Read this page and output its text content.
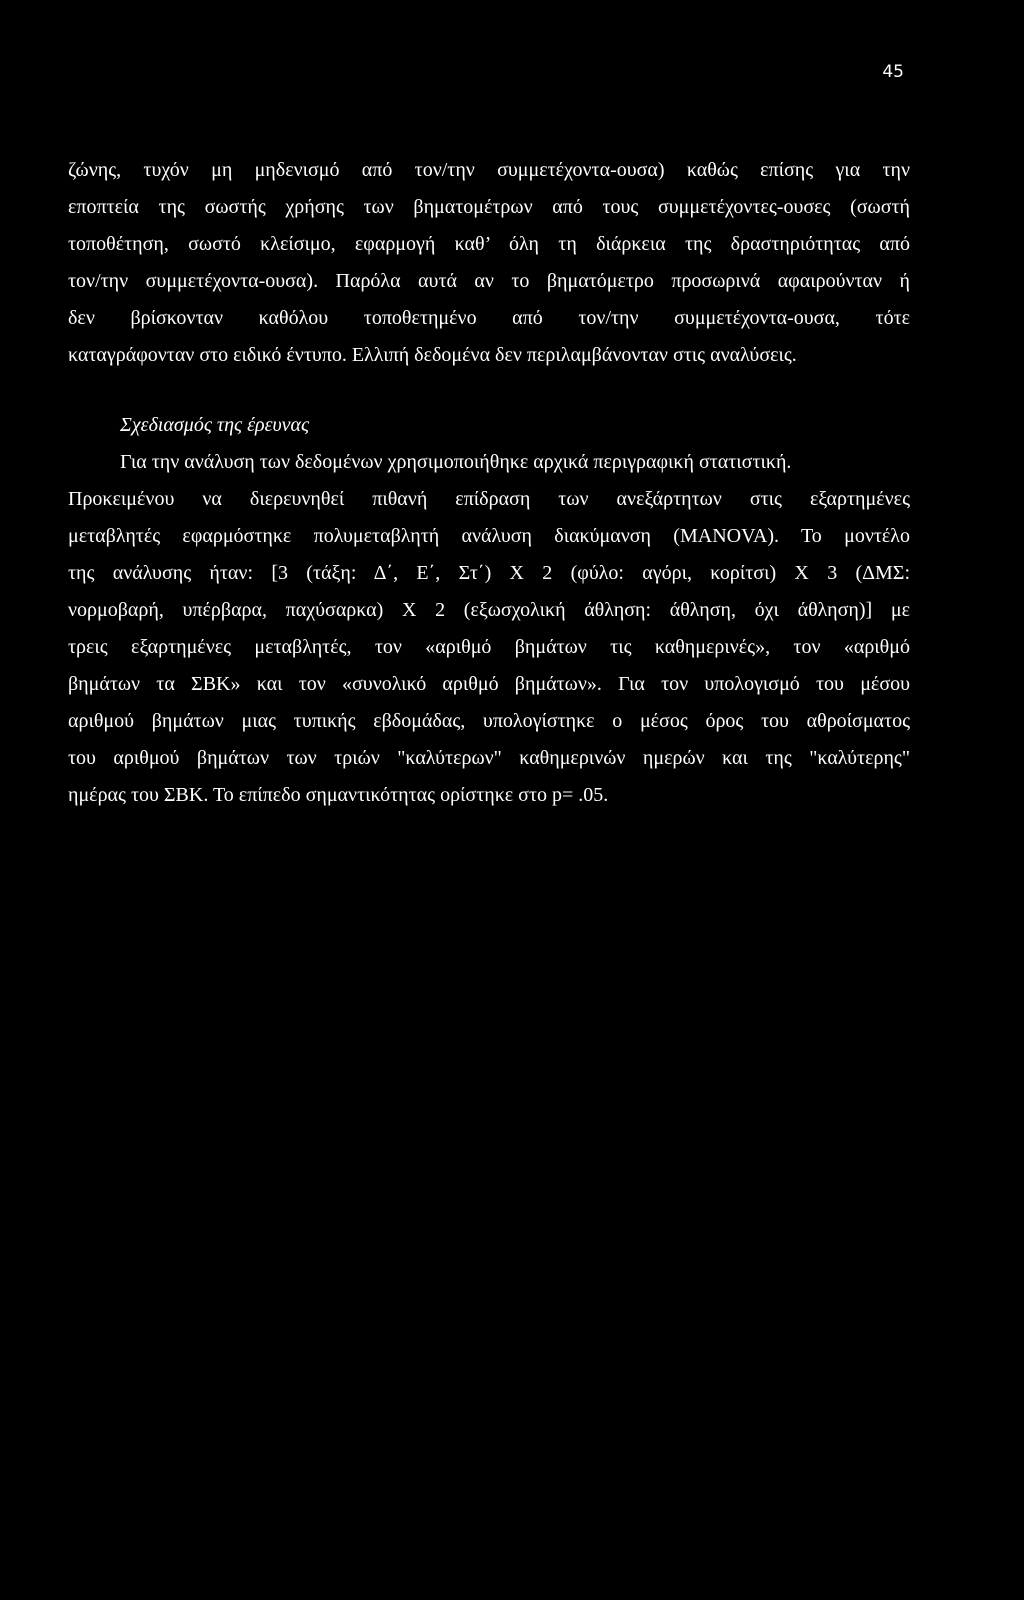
45
ζώνης, τυχόν μη μηδενισμό από τον/την συμμετέχοντα-ουσα) καθώς επίσης για την
εποπτεία της σωστής χρήσης των βηματομέτρων από τους συμμετέχοντες-ουσες (σωστή
τοποθέτηση, σωστό κλείσιμο, εφαρμογή καθ’ όλη τη διάρκεια της δραστηριότητας από
τον/την συμμετέχοντα-ουσα). Παρόλα αυτά αν το βηματόμετρο προσωρινά αφαιρούνταν ή
δεν βρίσκονταν καθόλου τοποθετημένο από τον/την συμμετέχοντα-ουσα, τότε
καταγράφονταν στο ειδικό έντυπο. Ελλιπή δεδομένα δεν περιλαμβάνονταν στις αναλύσεις.
Σχεδιασμός της έρευνας
Για την ανάλυση των δεδομένων χρησιμοποιήθηκε αρχικά περιγραφική στατιστική.
Προκειμένου να διερευνηθεί πιθανή επίδραση των ανεξάρτητων στις εξαρτημένες
μεταβλητές εφαρμόστηκε πολυμεταβλητή ανάλυση διακύμανση (MANOVA). Το μοντέλο
της ανάλυσης ήταν: [3 (τάξη: Δ΄, Ε΄, Στ΄) Χ 2 (φύλο: αγόρι, κορίτσι) Χ 3 (ΔΜΣ:
νορμοβαρή, υπέρβαρα, παχύσαρκα) Χ 2 (εξωσχολική άθληση: άθληση, όχι άθληση)] με
τρεις εξαρτημένες μεταβλητές, τον «αριθμό βημάτων τις καθημερινές», τον «αριθμό
βημάτων τα ΣΒΚ» και τον «συνολικό αριθμό βημάτων». Για τον υπολογισμό του μέσου
αριθμού βημάτων μιας τυπικής εβδομάδας, υπολογίστηκε ο μέσος όρος του αθροίσματος
του αριθμού βημάτων των τριών "καλύτερων" καθημερινών ημερών και της "καλύτερης"
ημέρας του ΣΒΚ. Το επίπεδο σημαντικότητας ορίστηκε στο p= .05.
